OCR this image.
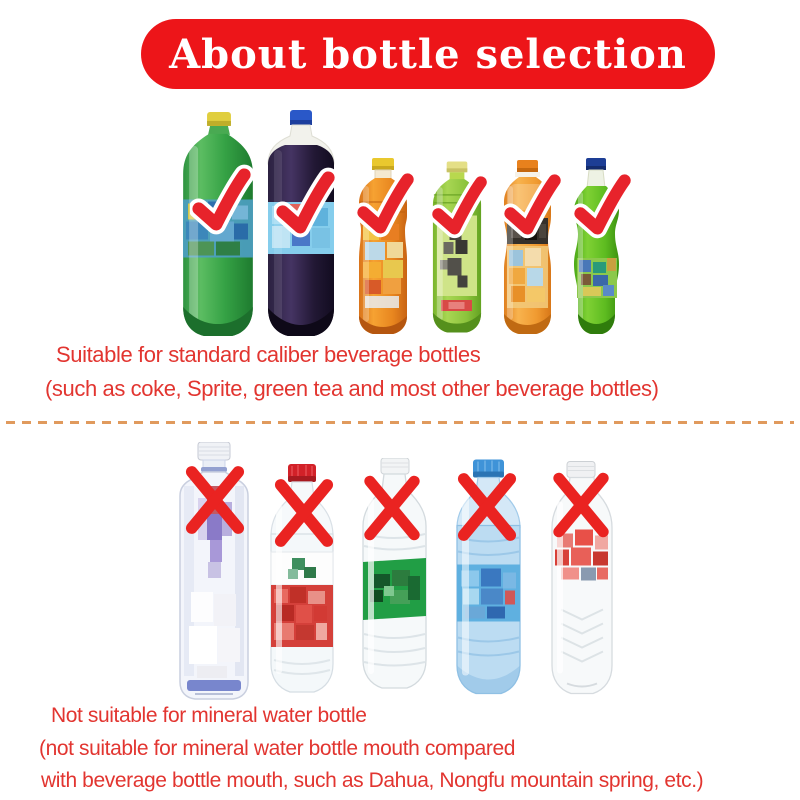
About bottle selection
Suitable for standard caliber beverage bottles
(such as coke, Sprite, green tea and most other beverage bottles)
Not suitable for mineral water bottle
(not suitable for mineral water bottle mouth compared
with beverage bottle mouth, such as Dahua, Nongfu mountain spring, etc.)
